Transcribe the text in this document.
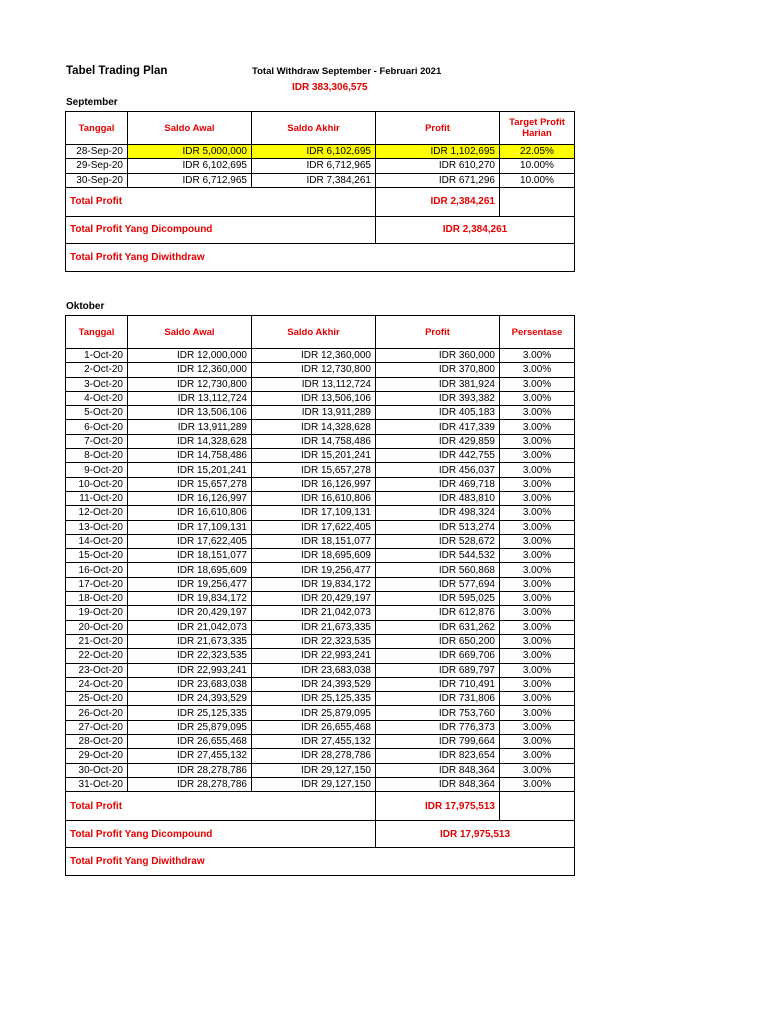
Tabel Trading Plan	Total Withdraw September - Februari 2021
IDR 383,306,575
September
Tanggal	Saldo Awal	Saldo Akhir	Profit	Target Profit Harian
28-Sep-20	IDR 5,000,000	IDR 6,102,695	IDR 1,102,695	22.05%
29-Sep-20	IDR 6,102,695	IDR 6,712,965	IDR 610,270	10.00%
30-Sep-20	IDR 6,712,965	IDR 7,384,261	IDR 671,296	10.00%
Total Profit			IDR 2,384,261	
Total Profit Yang Dicompound			IDR 2,384,261	
Total Profit Yang Diwithdraw				
Oktober
Tanggal	Saldo Awal	Saldo Akhir	Profit	Persentase
1-Oct-20	IDR 12,000,000	IDR 12,360,000	IDR 360,000	3.00%
2-Oct-20	IDR 12,360,000	IDR 12,730,800	IDR 370,800	3.00%
3-Oct-20	IDR 12,730,800	IDR 13,112,724	IDR 381,924	3.00%
4-Oct-20	IDR 13,112,724	IDR 13,506,106	IDR 393,382	3.00%
5-Oct-20	IDR 13,506,106	IDR 13,911,289	IDR 405,183	3.00%
6-Oct-20	IDR 13,911,289	IDR 14,328,628	IDR 417,339	3.00%
7-Oct-20	IDR 14,328,628	IDR 14,758,486	IDR 429,859	3.00%
8-Oct-20	IDR 14,758,486	IDR 15,201,241	IDR 442,755	3.00%
9-Oct-20	IDR 15,201,241	IDR 15,657,278	IDR 456,037	3.00%
10-Oct-20	IDR 15,657,278	IDR 16,126,997	IDR 469,718	3.00%
11-Oct-20	IDR 16,126,997	IDR 16,610,806	IDR 483,810	3.00%
12-Oct-20	IDR 16,610,806	IDR 17,109,131	IDR 498,324	3.00%
13-Oct-20	IDR 17,109,131	IDR 17,622,405	IDR 513,274	3.00%
14-Oct-20	IDR 17,622,405	IDR 18,151,077	IDR 528,672	3.00%
15-Oct-20	IDR 18,151,077	IDR 18,695,609	IDR 544,532	3.00%
16-Oct-20	IDR 18,695,609	IDR 19,256,477	IDR 560,868	3.00%
17-Oct-20	IDR 19,256,477	IDR 19,834,172	IDR 577,694	3.00%
18-Oct-20	IDR 19,834,172	IDR 20,429,197	IDR 595,025	3.00%
19-Oct-20	IDR 20,429,197	IDR 21,042,073	IDR 612,876	3.00%
20-Oct-20	IDR 21,042,073	IDR 21,673,335	IDR 631,262	3.00%
21-Oct-20	IDR 21,673,335	IDR 22,323,535	IDR 650,200	3.00%
22-Oct-20	IDR 22,323,535	IDR 22,993,241	IDR 669,706	3.00%
23-Oct-20	IDR 22,993,241	IDR 23,683,038	IDR 689,797	3.00%
24-Oct-20	IDR 23,683,038	IDR 24,393,529	IDR 710,491	3.00%
25-Oct-20	IDR 24,393,529	IDR 25,125,335	IDR 731,806	3.00%
26-Oct-20	IDR 25,125,335	IDR 25,879,095	IDR 753,760	3.00%
27-Oct-20	IDR 25,879,095	IDR 26,655,468	IDR 776,373	3.00%
28-Oct-20	IDR 26,655,468	IDR 27,455,132	IDR 799,664	3.00%
29-Oct-20	IDR 27,455,132	IDR 28,278,786	IDR 823,654	3.00%
30-Oct-20	IDR 28,278,786	IDR 29,127,150	IDR 848,364	3.00%
31-Oct-20	IDR 28,278,786	IDR 29,127,150	IDR 848,364	3.00%
Total Profit			IDR 17,975,513	
Total Profit Yang Dicompound			IDR 17,975,513	
Total Profit Yang Diwithdraw				
